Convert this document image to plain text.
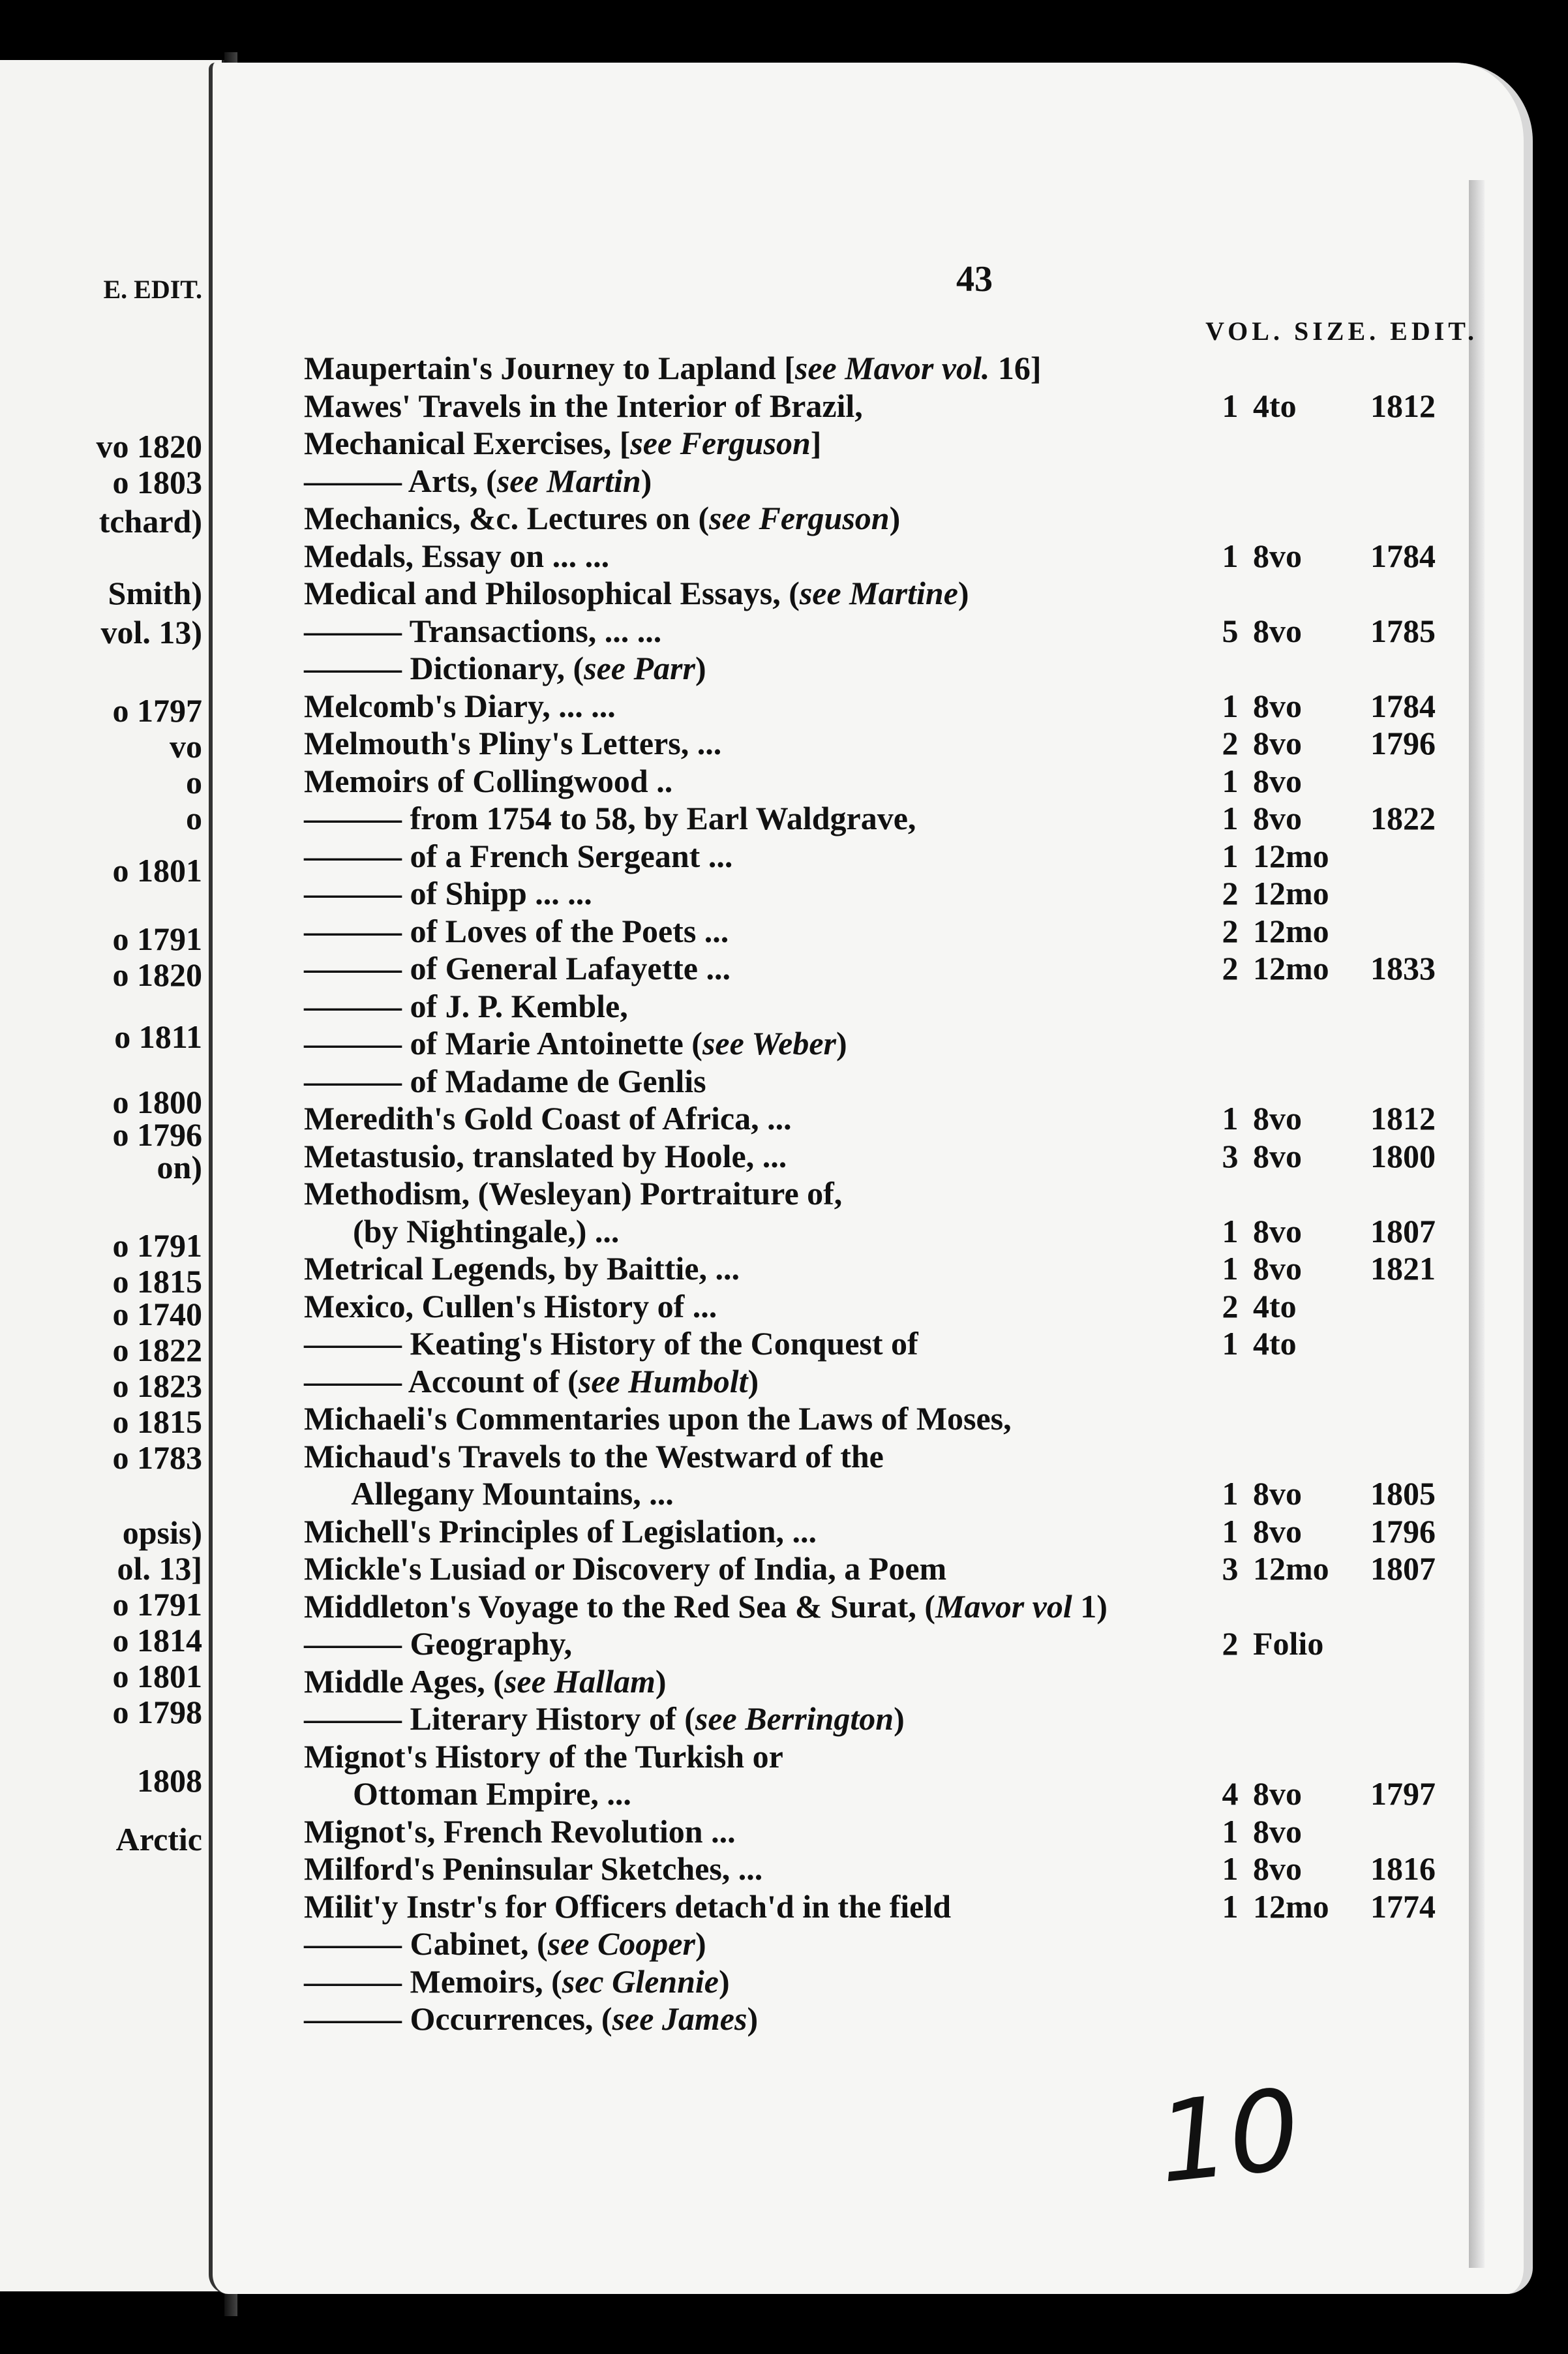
E. EDIT.
vo 1820
o 1803
tchard)
Smith)
vol. 13)
o 1797
vo
o
o
o 1801
o 1791
o 1820
o 1811
o 1800
o 1796
on)
o 1791
o 1815
o 1740
o 1822
o 1823
o 1815
o 1783
opsis)
ol. 13]
o 1791
o 1814
o 1801
o 1798
1808
Arctic
43
VOL. SIZE. EDIT.
Maupertain's Journey to Lapland [see Mavor vol. 16]
Mawes' Travels in the Interior of Brazil,	1 4to	1812
Mechanical Exercises, [see Ferguson]
——— Arts, (see Martin)
Mechanics, &c. Lectures on (see Ferguson)
Medals, Essay on ... ...	1 8vo	1784
Medical and Philosophical Essays, (see Martine)
——— Transactions, ... ...	5 8vo	1785
——— Dictionary, (see Parr)
Melcomb's Diary, ... ...	1 8vo	1784
Melmouth's Pliny's Letters, ...	2 8vo	1796
Memoirs of Collingwood ..	1 8vo
——— from 1754 to 58, by Earl Waldgrave,	1 8vo	1822
——— of a French Sergeant ...	1 12mo
——— of Shipp ... ...	2 12mo
——— of Loves of the Poets ...	2 12mo
——— of General Lafayette ...	2 12mo	1833
——— of J. P. Kemble,
——— of Marie Antoinette (see Weber)
——— of Madame de Genlis
Meredith's Gold Coast of Africa, ...	1 8vo	1812
Metastusio, translated by Hoole, ...	3 8vo	1800
Methodism, (Wesleyan) Portraiture of,
(by Nightingale,) ...	1 8vo	1807
Metrical Legends, by Baittie, ...	1 8vo	1821
Mexico, Cullen's History of ...	2 4to
——— Keating's History of the Conquest of	1 4to
——— Account of (see Humbolt)
Michaeli's Commentaries upon the Laws of Moses,
Michaud's Travels to the Westward of the
Allegany Mountains, ...	1 8vo	1805
Michell's Principles of Legislation, ...	1 8vo	1796
Mickle's Lusiad or Discovery of India, a Poem	3 12mo	1807
Middleton's Voyage to the Red Sea & Surat, (Mavor vol 1)
——— Geography,	2 Folio
Middle Ages, (see Hallam)
——— Literary History of (see Berrington)
Mignot's History of the Turkish or
Ottoman Empire, ...	4 8vo	1797
Mignot's, French Revolution ...	1 8vo
Milford's Peninsular Sketches, ...	1 8vo	1816
Milit'y Instr's for Officers detach'd in the field	1 12mo	1774
——— Cabinet, (see Cooper)
——— Memoirs, (sec Glennie)
——— Occurrences, (see James)
10
